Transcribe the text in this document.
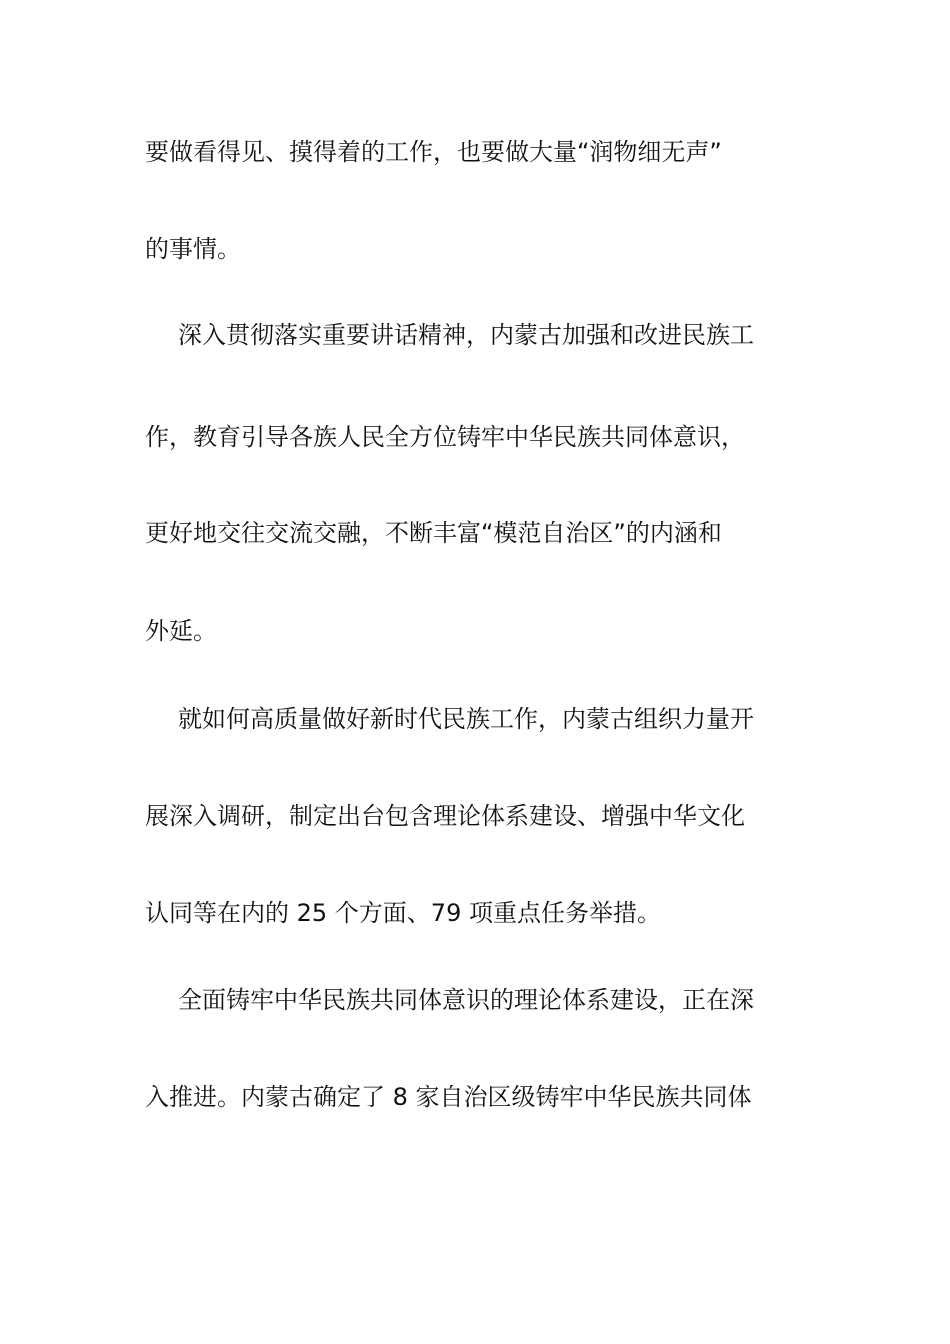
要做看得见、摸得着的工作，也要做大量“润物细无声”
的事情。
深入贯彻落实重要讲话精神，内蒙古加强和改进民族工
作，教育引导各族人民全方位铸牢中华民族共同体意识，
更好地交往交流交融，不断丰富“模范自治区”的内涵和
外延。
就如何高质量做好新时代民族工作，内蒙古组织力量开
展深入调研，制定出台包含理论体系建设、增强中华文化
认同等在内的 25 个方面、79 项重点任务举措。
全面铸牢中华民族共同体意识的理论体系建设，正在深
入推进。内蒙古确定了 8 家自治区级铸牢中华民族共同体
